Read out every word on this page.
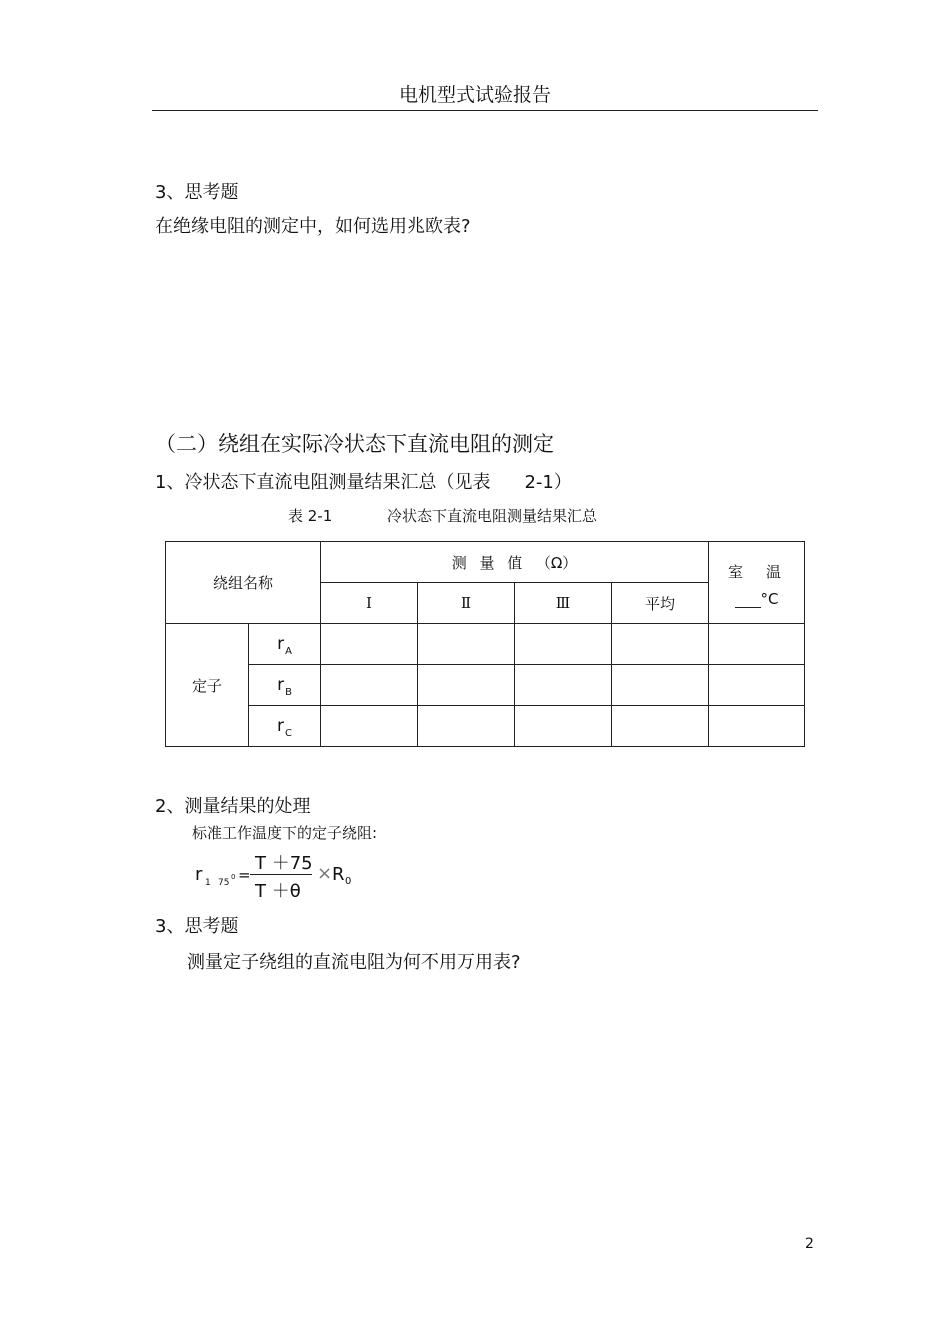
电机型式试验报告
3、思考题
在绝缘电阻的测定中，如何选用兆欧表?
（二）绕组在实际冷状态下直流电阻的测定
1、冷状态下直流电阻测量结果汇总（见表 2-1）
表 2-1	冷状态下直流电阻测量结果汇总
绕组名称		测 量 值 （Ω）				室　温
°C

		Ⅰ	Ⅱ	Ⅲ	平均	
定子	$r_A$					
	$r_B$					
	$r_C$					
2、测量结果的处理
标准工作温度下的定子绕阻:
r 1 75
0 =
T ＋75
T ＋θ
× R 0
3、思考题
测量定子绕组的直流电阻为何不用万用表?
2
